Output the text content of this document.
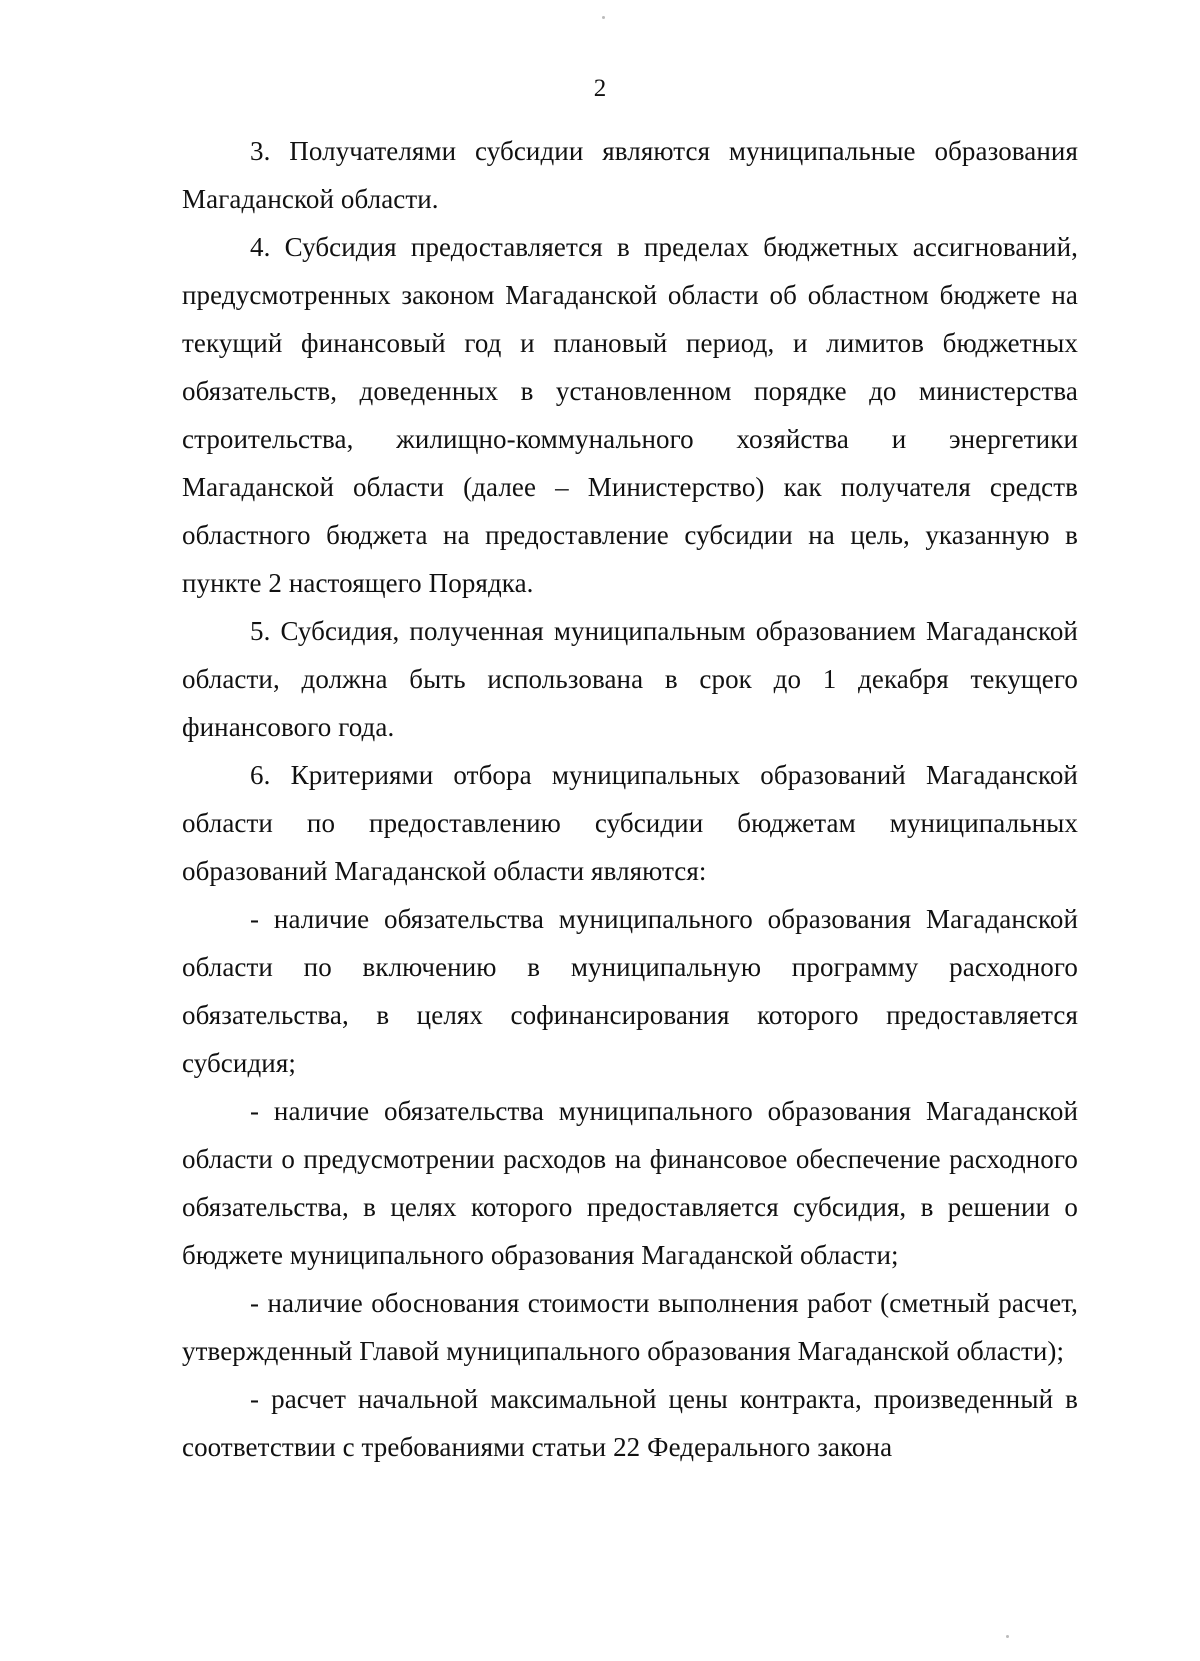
2

3. Получателями субсидии являются муниципальные образования Магаданской области.

4. Субсидия предоставляется в пределах бюджетных ассигнований, предусмотренных законом Магаданской области об областном бюджете на текущий финансовый год и плановый период, и лимитов бюджетных обязательств, доведенных в установленном порядке до министерства строительства, жилищно-коммунального хозяйства и энергетики Магаданской области (далее – Министерство) как получателя средств областного бюджета на предоставление субсидии на цель, указанную в пункте 2 настоящего Порядка.

5. Субсидия, полученная муниципальным образованием Магаданской области, должна быть использована в срок до 1 декабря текущего финансового года.

6. Критериями отбора муниципальных образований Магаданской области по предоставлению субсидии бюджетам муниципальных образований Магаданской области являются:

- наличие обязательства муниципального образования Магаданской области по включению в муниципальную программу расходного обязательства, в целях софинансирования которого предоставляется субсидия;

- наличие обязательства муниципального образования Магаданской области о предусмотрении расходов на финансовое обеспечение расходного обязательства, в целях которого предоставляется субсидия, в решении о бюджете муниципального образования Магаданской области;

- наличие обоснования стоимости выполнения работ (сметный расчет, утвержденный Главой муниципального образования Магаданской области);

- расчет начальной максимальной цены контракта, произведенный в соответствии с требованиями статьи 22 Федерального закона
